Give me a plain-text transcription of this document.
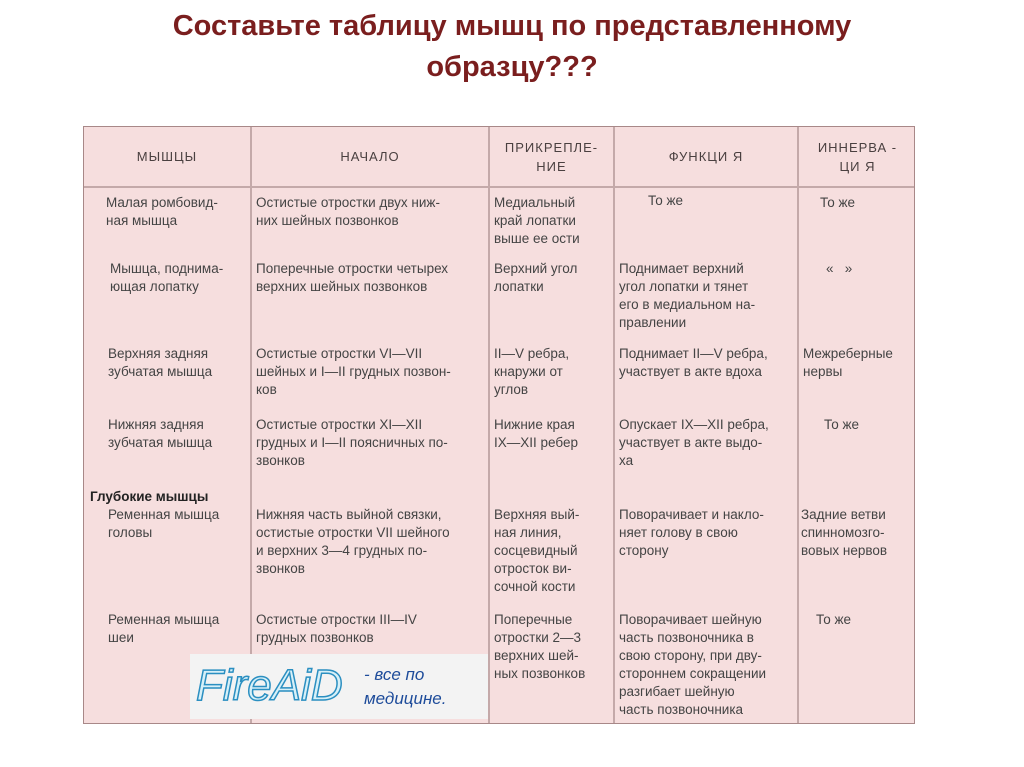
Составьте таблицу мышц по представленному
образцу???
МЫШЦЫ	НАЧАЛО
ПРИКРЕПЛЕ-
НИЕ
ФУНКЦИ Я
ИННЕРВА -
ЦИ Я
Малая ромбовид-
ная мышца
Остистые отростки двух ниж-
них шейных позвонков
Медиальный
край лопатки
выше ее ости
То же	То же
Мышца, поднима-
ющая лопатку
Поперечные отростки четырех
верхних шейных позвонков
Верхний угол
лопатки
Поднимает верхний
угол лопатки и тянет
его в медиальном на-
правлении
«   »
Верхняя задняя
зубчатая мышца
Остистые отростки VI—VII
шейных и I—II грудных позвон-
ков
II—V ребра,
кнаружи от
углов
Поднимает II—V ребра,
участвует в акте вдоха
Межреберные
нервы
Нижняя задняя
зубчатая мышца
Остистые отростки XI—XII
грудных и I—II поясничных по-
звонков
Нижние края
IX—XII ребер
Опускает IX—XII ребра,
участвует в акте выдо-
ха
То же
Глубокие мышцы
Ременная мышца
головы
Нижняя часть выйной связки,
остистые отростки VII шейного
и верхних 3—4 грудных по-
звонков
Верхняя вый-
ная линия,
сосцевидный
отросток ви-
сочной кости
Поворачивает и накло-
няет голову в свою
сторону
Задние ветви
спинномозго-
вовых нервов
Ременная мышца
шеи
Остистые отростки III—IV
грудных позвонков
Поперечные
отростки 2—3
верхних шей-
ных позвонков
Поворачивает шейную
часть позвоночника в
свою сторону, при дву-
стороннем сокращении
разгибает шейную
часть позвоночника
То же
FireAiD - все по медицине.
